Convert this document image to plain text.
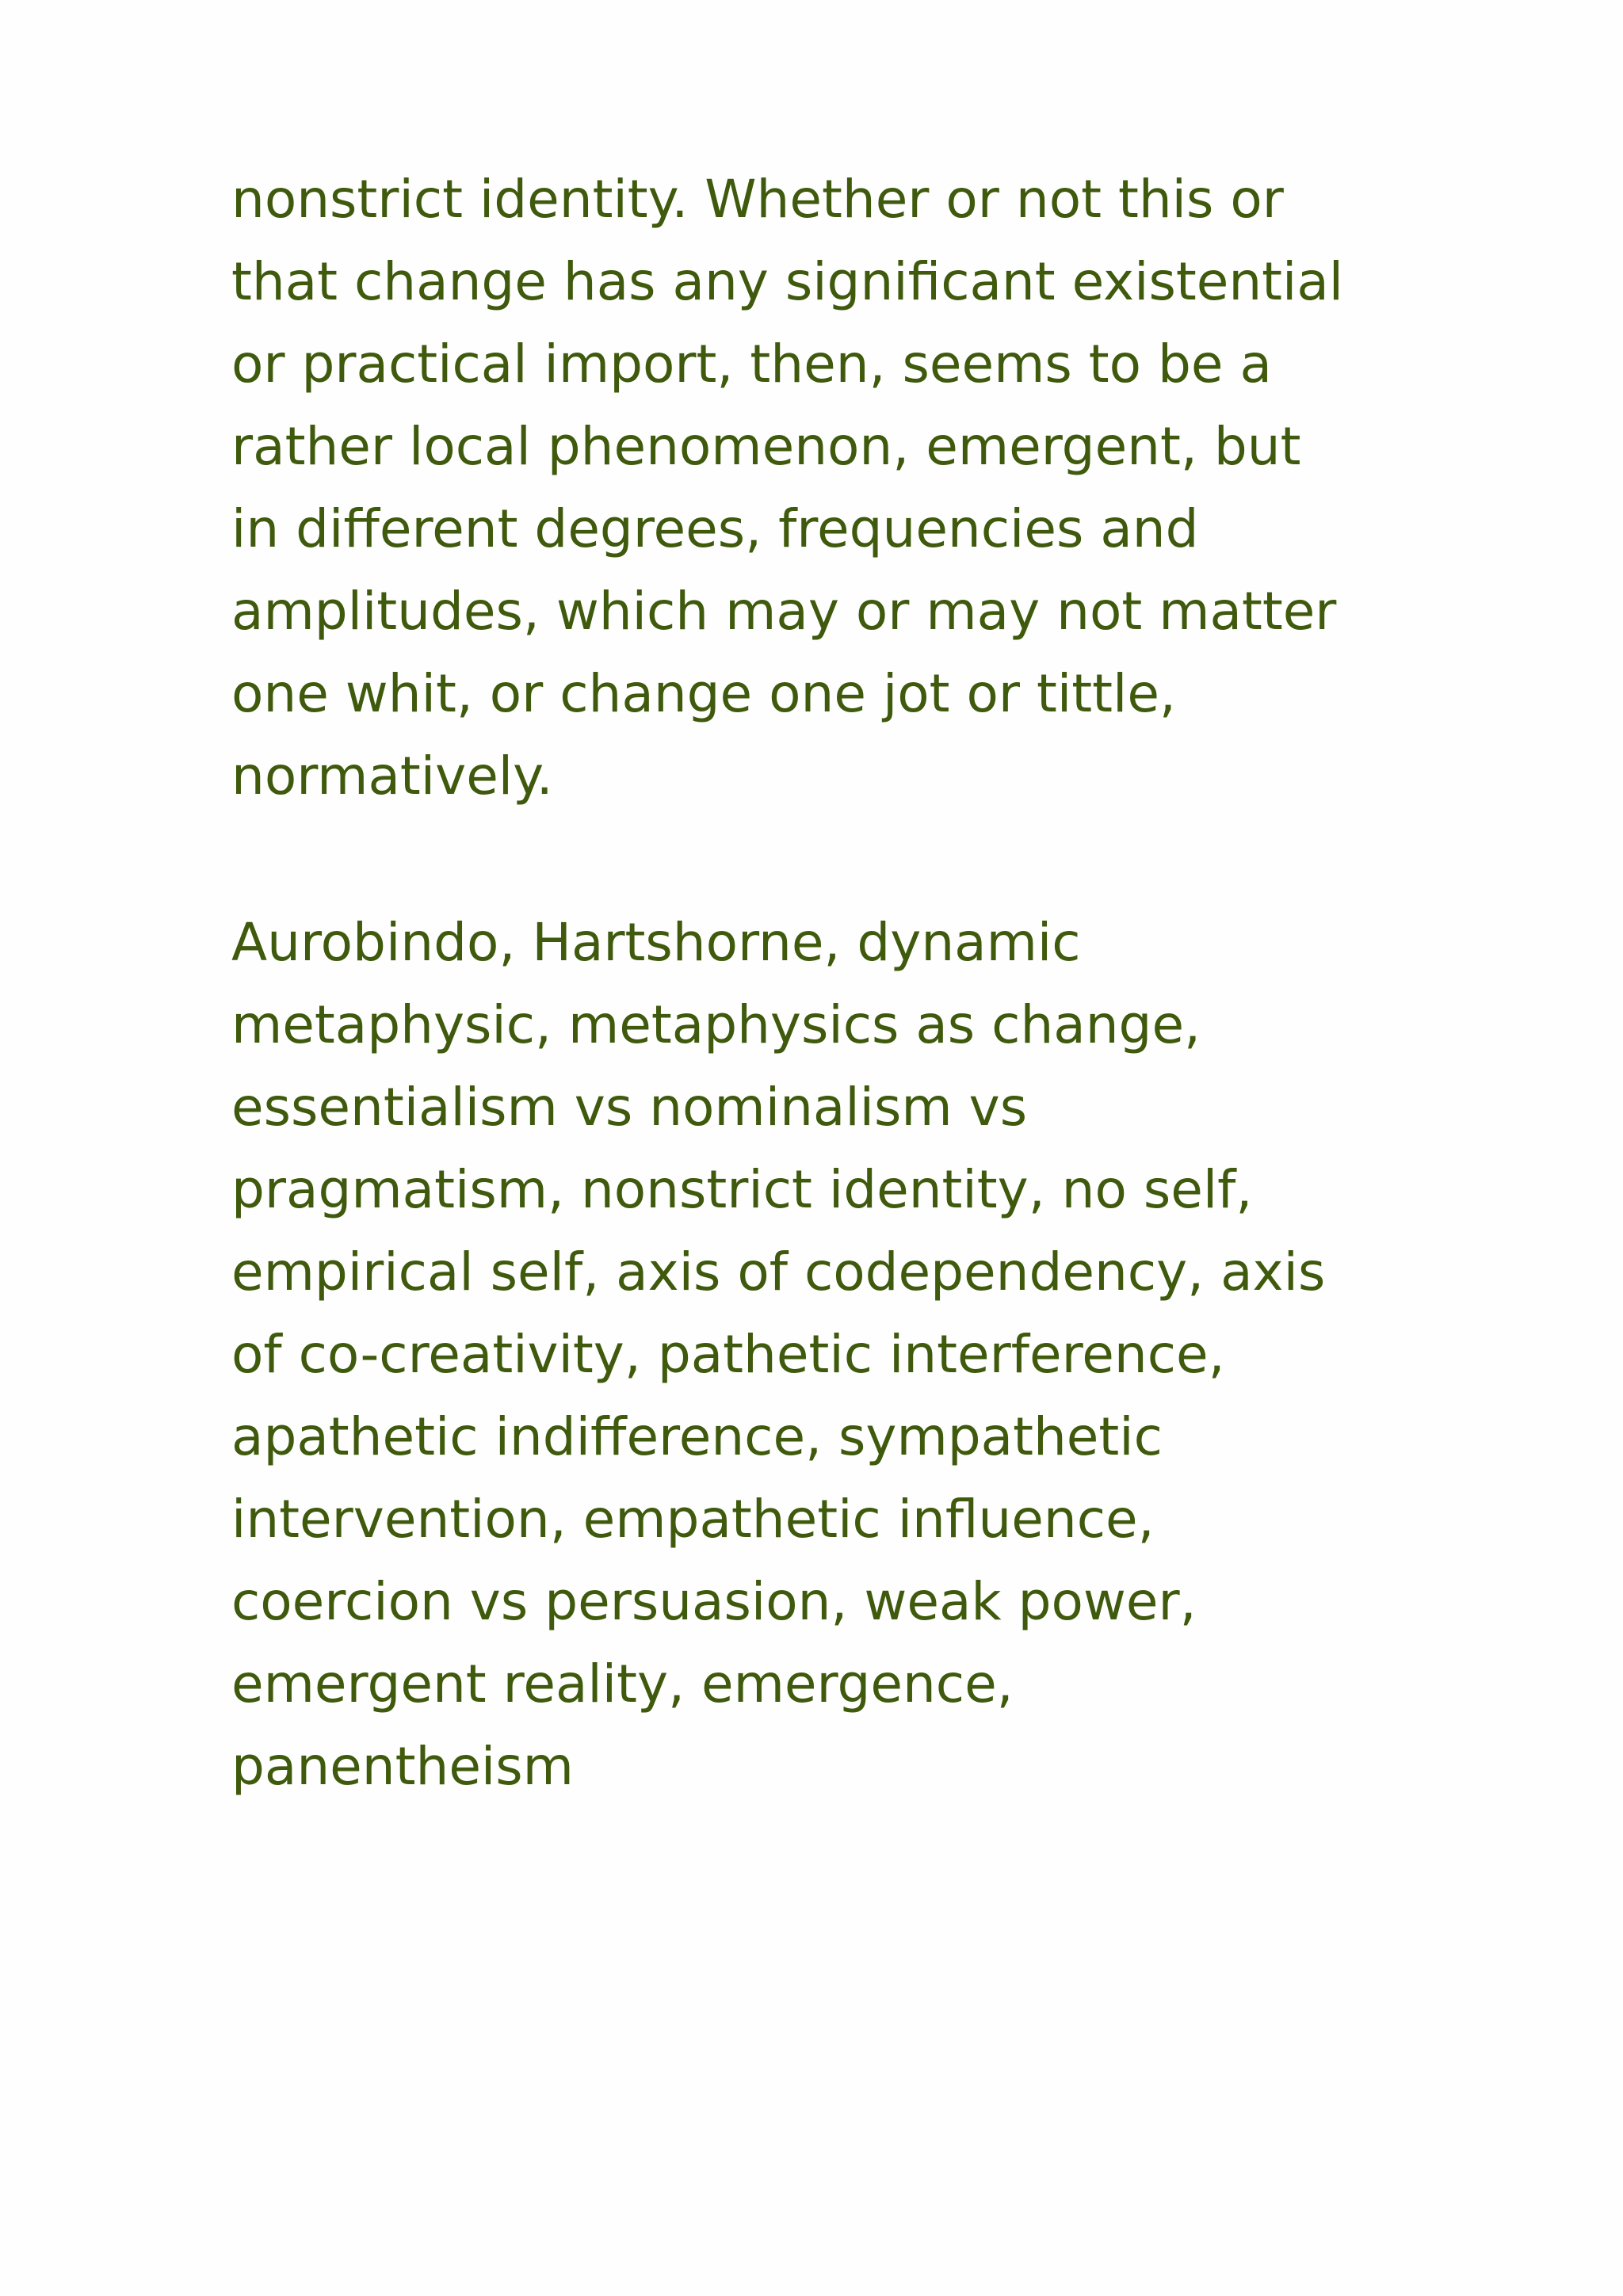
nonstrict identity. Whether or not this or
that change has any significant existential
or practical import, then, seems to be a
rather local phenomenon, emergent, but
in different degrees, frequencies and
amplitudes, which may or may not matter
one whit, or change one jot or tittle,
normatively.
Aurobindo, Hartshorne, dynamic
metaphysic, metaphysics as change,
essentialism vs nominalism vs
pragmatism, nonstrict identity, no self,
empirical self, axis of codependency, axis
of co-creativity, pathetic interference,
apathetic indifference, sympathetic
intervention, empathetic influence,
coercion vs persuasion, weak power,
emergent reality, emergence,
panentheism
